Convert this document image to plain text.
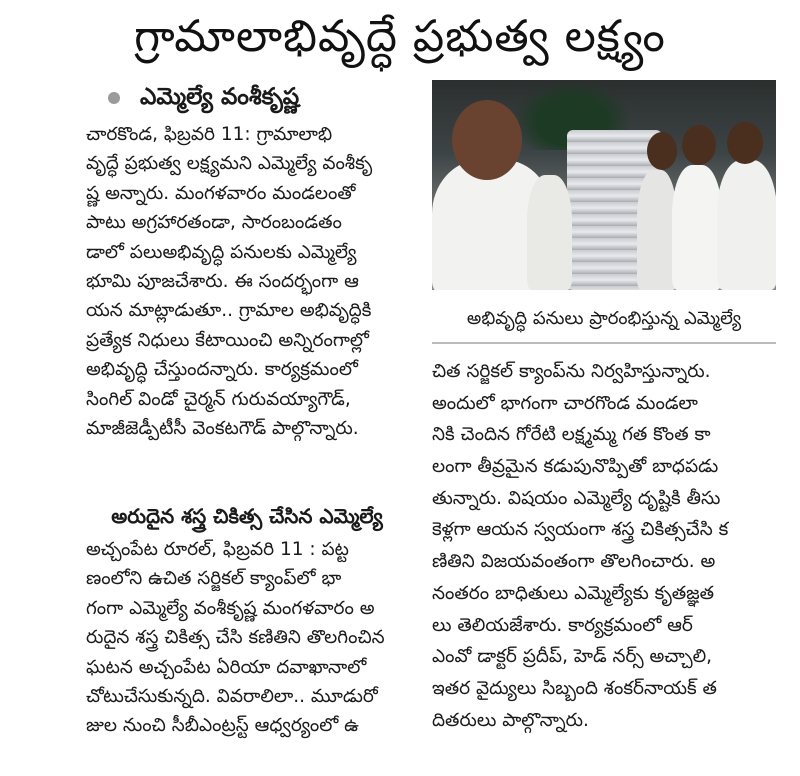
గ్రామాలాభివృద్ధే ప్రభుత్వ లక్ష్యం
ఎమ్మెల్యే వంశీకృష్ణ
అభివృద్ధి పనులు ప్రారంభిస్తున్న ఎమ్మెల్యే
చారకొండ, ఫిబ్రవరి 11: గ్రామాలాభి
వృద్ధే ప్రభుత్వ లక్ష్యమని ఎమ్మెల్యే వంశీకృ
ష్ణ అన్నారు. మంగళవారం మండలంతో
పాటు అగ్రహారతండా, సారంబండతం
డాలో పలుఅభివృద్ధి పనులకు ఎమ్మెల్యే
భూమి పూజచేశారు. ఈ సందర్భంగా ఆ
యన మాట్లాడుతూ.. గ్రామాల అభివృద్ధికి
ప్రత్యేక నిధులు కేటాయించి అన్నిరంగాల్లో
అభివృద్ధి చేస్తుందన్నారు. కార్యక్రమంలో
సింగిల్ విండో చైర్మన్ గురువయ్యాగౌడ్,
మాజీజెడ్పీటీసీ వెంకటగౌడ్ పాల్గొన్నారు.
అరుదైన శస్త్ర చికిత్స చేసిన ఎమ్మెల్యే
అచ్చంపేట రూరల్, ఫిబ్రవరి 11 : పట్ట
ణంలోని ఉచిత సర్జికల్ క్యాంప్‌లో భా
గంగా ఎమ్మెల్యే వంశీకృష్ణ మంగళవారం అ
రుదైన శస్త్ర చికిత్స చేసి కణితిని తొలగించిన
ఘటన అచ్చంపేట ఏరియా దవాఖానాలో
చోటుచేసుకున్నది. వివరాలిలా.. మూడురో
జుల నుంచి సీబీఎంట్రస్ట్ ఆధ్వర్యంలో ఉ
చిత సర్జికల్ క్యాంప్‌ను నిర్వహిస్తున్నారు.
అందులో భాగంగా చారగొండ మండలా
నికి చెందిన గోరేటి లక్ష్మమ్మ గత కొంత కా
లంగా తీవ్రమైన కడుపునొప్పితో బాధపడు
తున్నారు. విషయం ఎమ్మెల్యే దృష్టికి తీసు
కెళ్లగా ఆయన స్వయంగా శస్త్ర చికిత్సచేసి క
ణితిని విజయవంతంగా తొలగించారు. అ
నంతరం బాధితులు ఎమ్మెల్యేకు కృతజ్ఞత
లు తెలియజేశారు. కార్యక్రమంలో ఆర్
ఎంవో డాక్టర్ ప్రదీప్, హెడ్ నర్స్ అచ్చాలి,
ఇతర వైద్యులు సిబ్బంది శంకర్‌నాయక్ త
దితరులు పాల్గొన్నారు.
